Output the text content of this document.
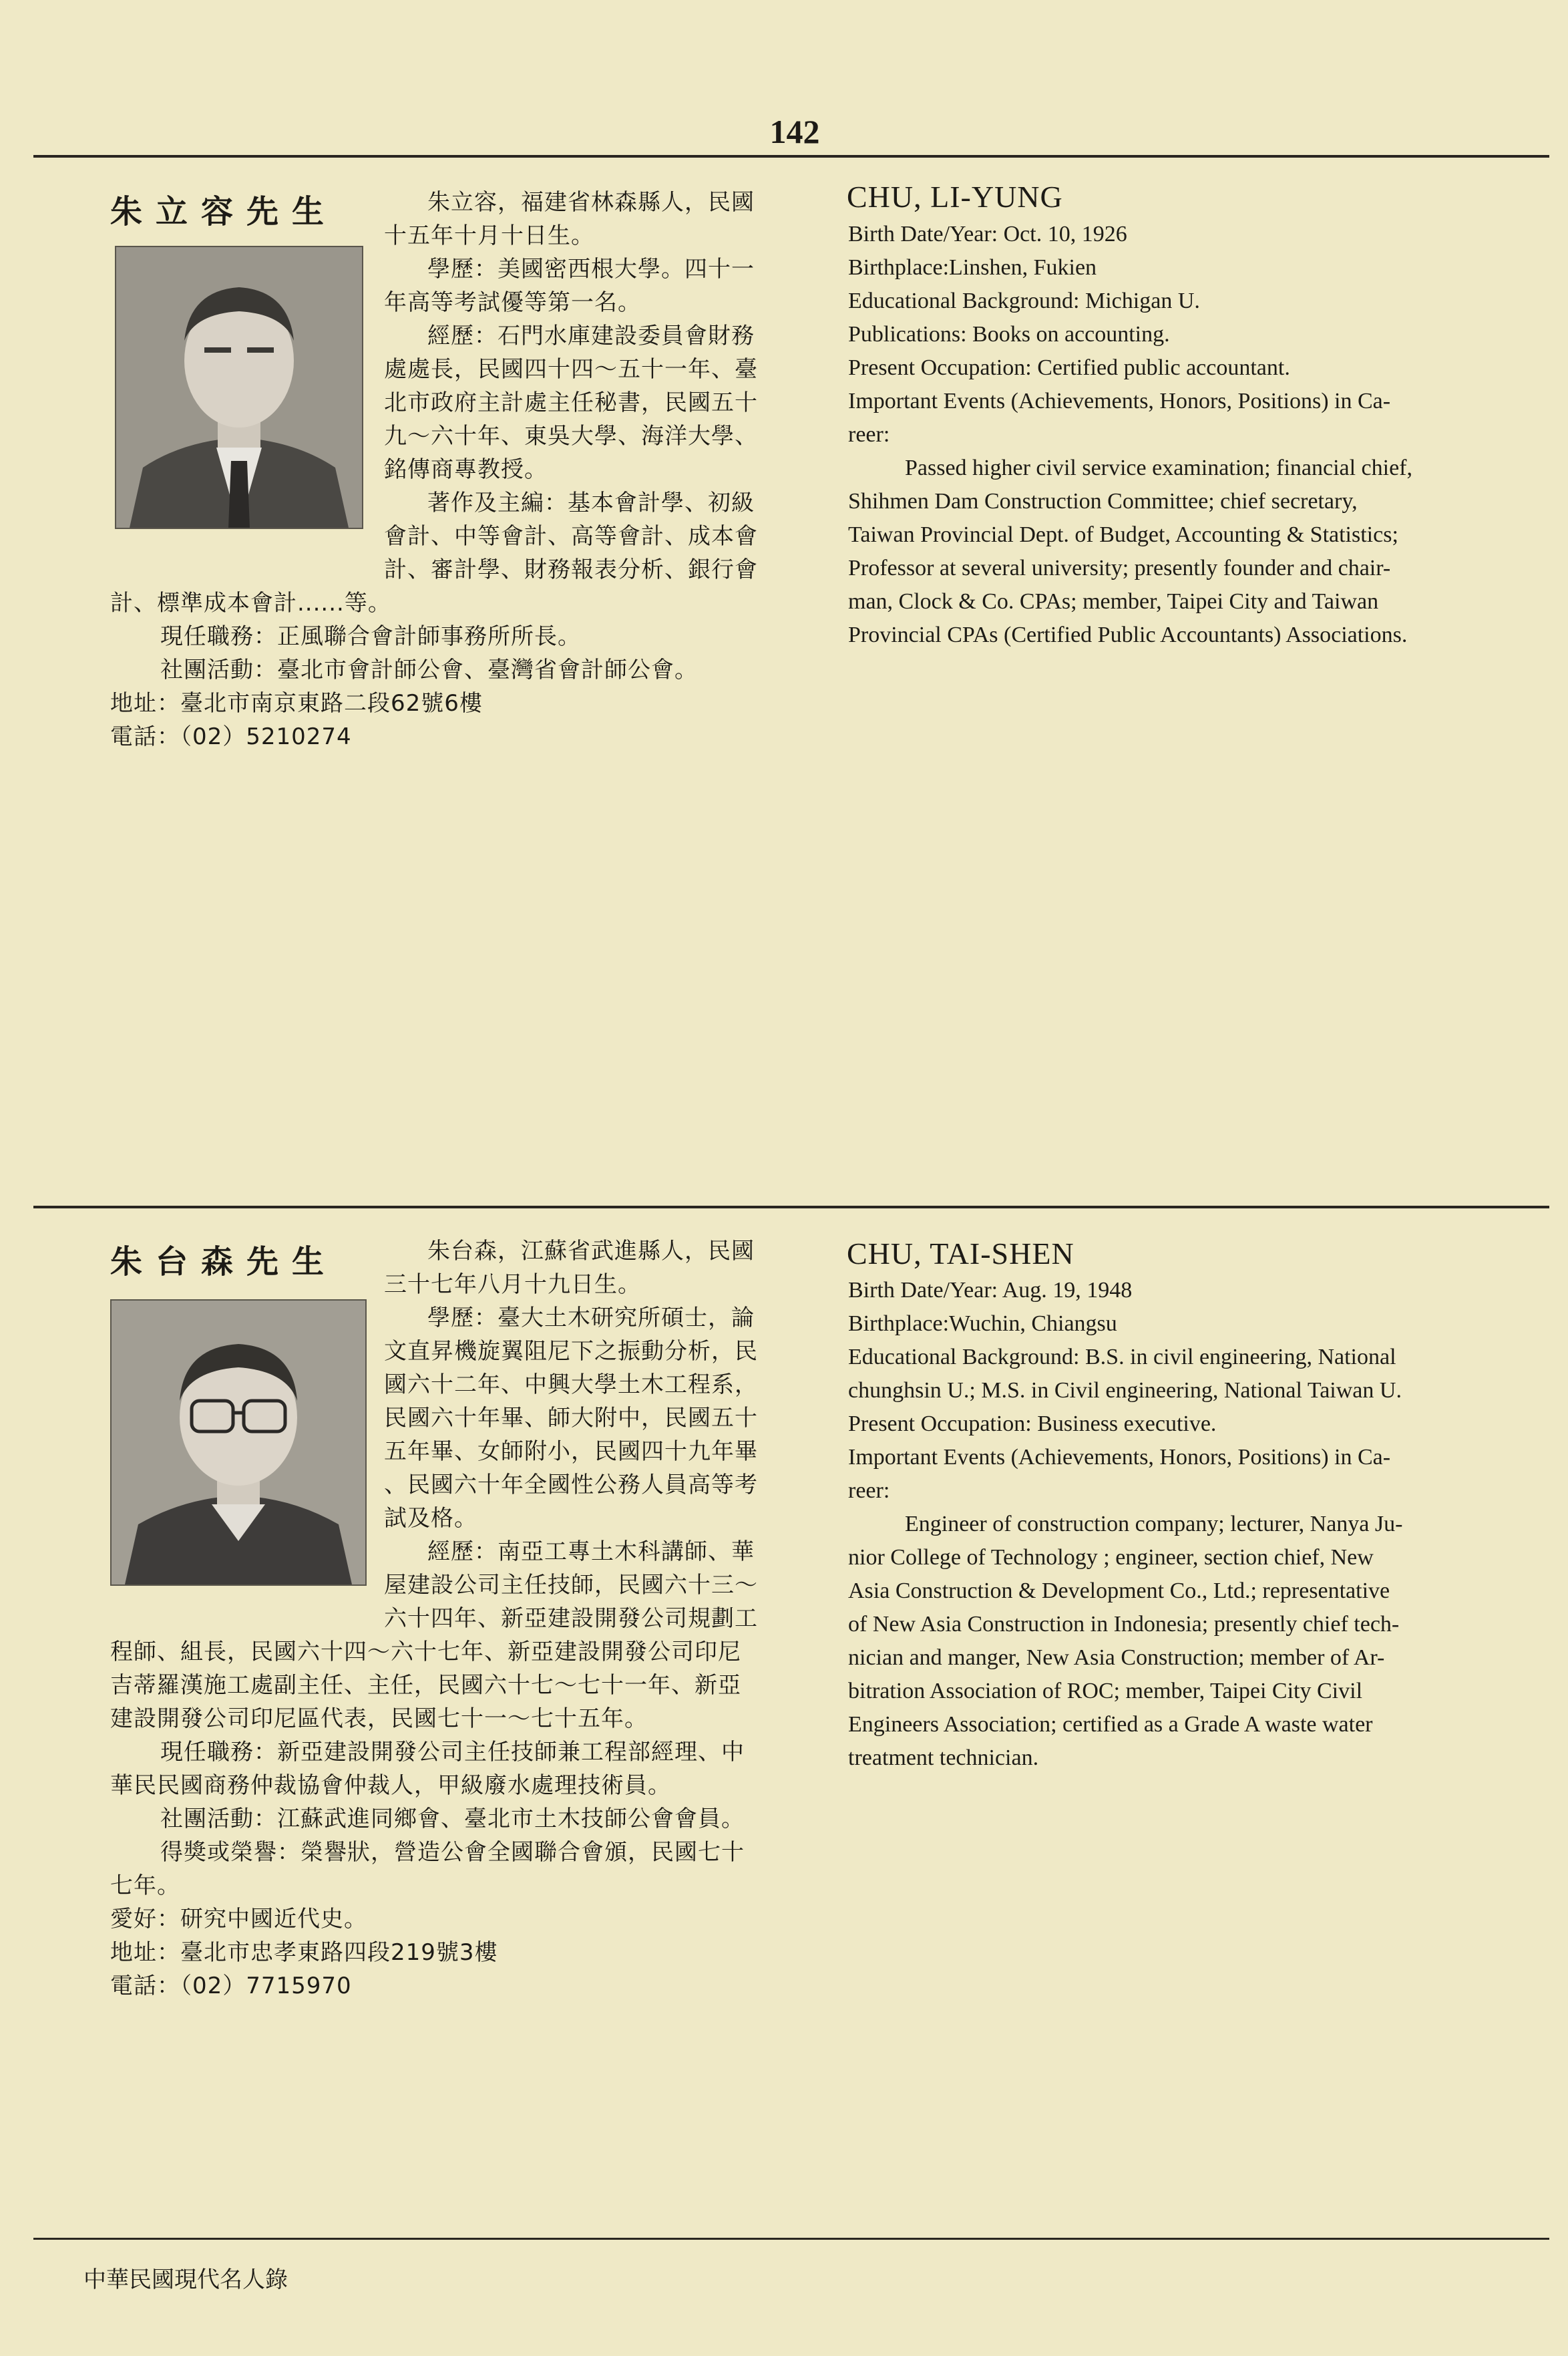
142
朱立容先生	朱立容，福建省林森縣人，民國
十五年十月十日生。
學歷：美國密西根大學。四十一
年高等考試優等第一名。
經歷：石門水庫建設委員會財務
處處長，民國四十四～五十一年、臺
北市政府主計處主任秘書，民國五十
九～六十年、東吳大學、海洋大學、
銘傳商專教授。
著作及主編：基本會計學、初級
會計、中等會計、高等會計、成本會
計、審計學、財務報表分析、銀行會
計、標準成本會計......等。
現任職務：正風聯合會計師事務所所長。
社團活動：臺北市會計師公會、臺灣省會計師公會。
地址：臺北市南京東路二段62號6樓
電話：（02）5210274
CHU, LI-YUNG
Birth Date/Year: Oct. 10, 1926
Birthplace:Linshen, Fukien
Educational Background: Michigan U.
Publications: Books on accounting.
Present Occupation: Certified public accountant.
Important Events (Achievements, Honors, Positions) in Ca-
reer:
Passed higher civil service examination; financial chief,
Shihmen Dam Construction Committee; chief secretary,
Taiwan Provincial Dept. of Budget, Accounting & Statistics;
Professor at several university; presently founder and chair-
man, Clock & Co. CPAs; member, Taipei City and Taiwan
Provincial CPAs (Certified Public Accountants) Associations.
朱台森先生	朱台森，江蘇省武進縣人，民國
三十七年八月十九日生。
學歷：臺大土木研究所碩士，論
文直昇機旋翼阻尼下之振動分析，民
國六十二年、中興大學土木工程系，
民國六十年畢、師大附中，民國五十
五年畢、女師附小，民國四十九年畢
、民國六十年全國性公務人員高等考
試及格。
經歷：南亞工專土木科講師、華
屋建設公司主任技師，民國六十三～
六十四年、新亞建設開發公司規劃工
程師、組長，民國六十四～六十七年、新亞建設開發公司印尼
吉蒂羅漢施工處副主任、主任，民國六十七～七十一年、新亞
建設開發公司印尼區代表，民國七十一～七十五年。
現任職務：新亞建設開發公司主任技師兼工程部經理、中
華民民國商務仲裁協會仲裁人，甲級廢水處理技術員。
社團活動：江蘇武進同鄉會、臺北市土木技師公會會員。
得獎或榮譽：榮譽狀，營造公會全國聯合會頒，民國七十
七年。
愛好：研究中國近代史。
地址：臺北市忠孝東路四段219號3樓
電話：（02）7715970
CHU, TAI-SHEN
Birth Date/Year: Aug. 19, 1948
Birthplace:Wuchin, Chiangsu
Educational Background: B.S. in civil engineering, National
chunghsin U.; M.S. in Civil engineering, National Taiwan U.
Present Occupation: Business executive.
Important Events (Achievements, Honors, Positions) in Ca-
reer:
Engineer of construction company; lecturer, Nanya Ju-
nior College of Technology ; engineer, section chief, New
Asia Construction & Development Co., Ltd.; representative
of New Asia Construction in Indonesia; presently chief tech-
nician and manger, New Asia Construction; member of Ar-
bitration Association of ROC; member, Taipei City Civil
Engineers Association; certified as a Grade A waste water
treatment technician.
中華民國現代名人錄
